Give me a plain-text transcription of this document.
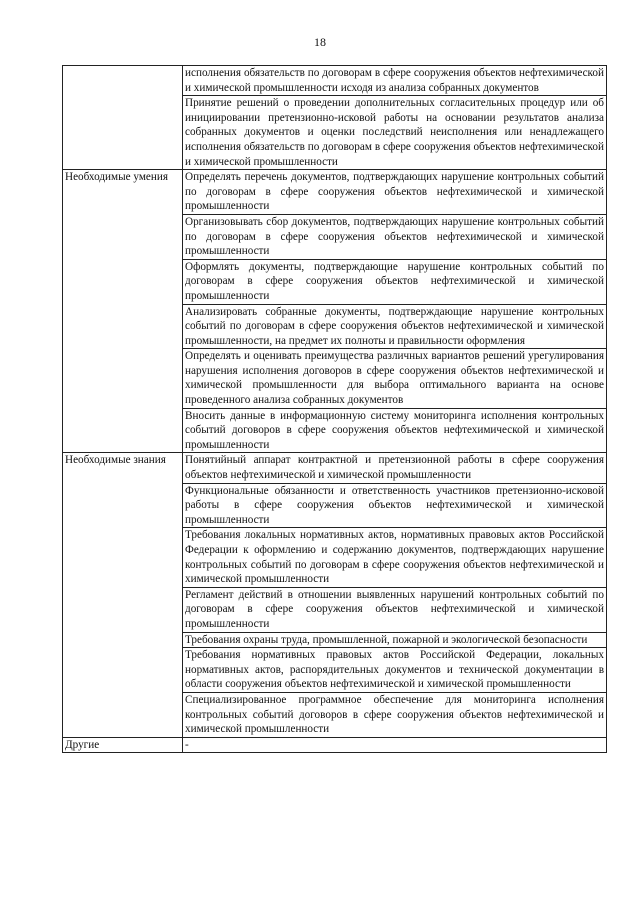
18
	исполнения обязательств по договорам в сфере сооружения объектов нефтехимической и химической промышленности исходя из анализа собранных документов
	Принятие решений о проведении дополнительных согласительных процедур или об инициировании претензионно-исковой работы на основании результатов анализа собранных документов и оценки последствий неисполнения или ненадлежащего исполнения обязательств по договорам в сфере сооружения объектов нефтехимической и химической промышленности
Необходимые умения	Определять перечень документов, подтверждающих нарушение контрольных событий по договорам в сфере сооружения объектов нефтехимической и химической промышленности
	Организовывать сбор документов, подтверждающих нарушение контрольных событий по договорам в сфере сооружения объектов нефтехимической и химической промышленности
	Оформлять документы, подтверждающие нарушение контрольных событий по договорам в сфере сооружения объектов нефтехимической и химической промышленности
	Анализировать собранные документы, подтверждающие нарушение контрольных событий по договорам в сфере сооружения объектов нефтехимической и химической промышленности, на предмет их полноты и правильности оформления
	Определять и оценивать преимущества различных вариантов решений урегулирования нарушения исполнения договоров в сфере сооружения объектов нефтехимической и химической промышленности для выбора оптимального варианта на основе проведенного анализа собранных документов
	Вносить данные в информационную систему мониторинга исполнения контрольных событий договоров в сфере сооружения объектов нефтехимической и химической промышленности
Необходимые знания	Понятийный аппарат контрактной и претензионной работы в сфере сооружения объектов нефтехимической и химической промышленности
	Функциональные обязанности и ответственность участников претензионно-исковой работы в сфере сооружения объектов нефтехимической и химической промышленности
	Требования локальных нормативных актов, нормативных правовых актов Российской Федерации к оформлению и содержанию документов, подтверждающих нарушение контрольных событий по договорам в сфере сооружения объектов нефтехимической и химической промышленности
	Регламент действий в отношении выявленных нарушений контрольных событий по договорам в сфере сооружения объектов нефтехимической и химической промышленности
	Требования охраны труда, промышленной, пожарной и экологической безопасности
	Требования нормативных правовых актов Российской Федерации, локальных нормативных актов, распорядительных документов и технической документации в области сооружения объектов нефтехимической и химической промышленности
	Специализированное программное обеспечение для мониторинга исполнения контрольных событий договоров в сфере сооружения объектов нефтехимической и химической промышленности
Другие	-
